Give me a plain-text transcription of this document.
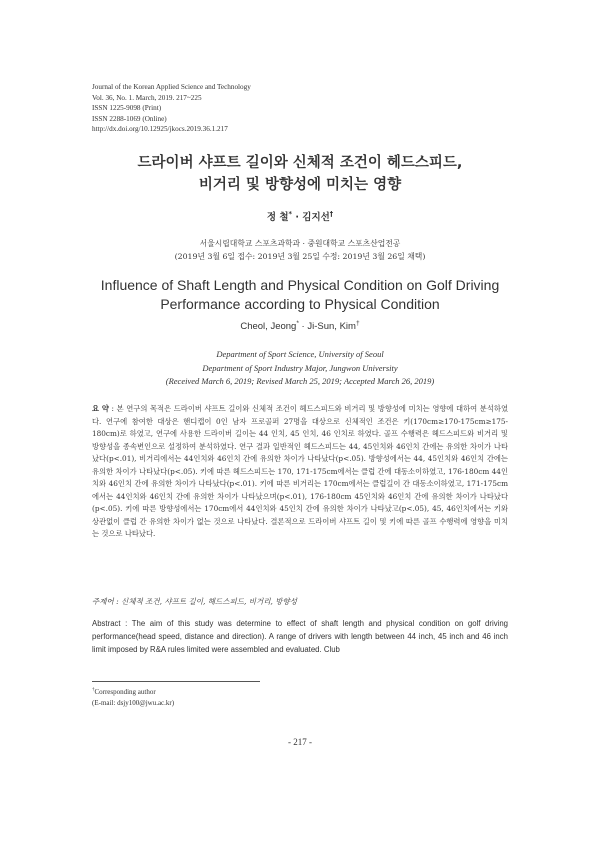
Journal of the Korean Applied Science and Technology
Vol. 36, No. 1. March, 2019. 217~225
ISSN 1225-9098 (Print)
ISSN 2288-1069 (Online)
http://dx.doi.org/10.12925/jkocs.2019.36.1.217
드라이버 샤프트 길이와 신체적 조건이 헤드스피드,
비거리 및 방향성에 미치는 영향
정 철* · 김지선†
서울시립대학교 스포츠과학과 · 중원대학교 스포츠산업전공
(2019년 3월 6일 접수: 2019년 3월 25일 수정: 2019년 3월 26일 채택)
Influence of Shaft Length and Physical Condition on Golf Driving
Performance according to Physical Condition
Cheol, Jeong* · Ji-Sun, Kim†
Department of Sport Science, University of Seoul
Department of Sport Industry Major, Jungwon University
(Received March 6, 2019; Revised March 25, 2019; Accepted March 26, 2019)
요 약 : 본 연구의 목적은 드라이버 샤프트 길이와 신체적 조건이 헤드스피드와 비거리 및 방향성에 미치는 영향에 대하여 분석하였다. 연구에 참여한 대상은 핸디캡이 0인 남자 프로골퍼 27명을 대상으로 신체적인 조건은 키(170cm≥170-175cm≥175-180cm)로 하였고, 연구에 사용한 드라이버 길이는 44 인치, 45 인치, 46 인치로 하였다. 골프 수행력은 헤드스피드와 비거리 및 방향성을 종속변인으로 설정하여 분석하였다. 연구 결과 일반적인 헤드스피드는 44, 45인치와 46인치 간에는 유의한 차이가 나타났다(p<.01), 비거리에서는 44인치와 46인치 간에 유의한 차이가 나타났다(p<.05). 방향성에서는 44, 45인치와 46인치 간에는 유의한 차이가 나타났다(p<.05). 키에 따른 헤드스피드는 170, 171-175cm에서는 클럽 간에 대동소이하였고, 176-180cm 44인치와 46인치 간에 유의한 차이가 나타났다(p<.01). 키에 따른 비거리는 170cm에서는 클럽길이 간 대동소이하였고, 171-175cm에서는 44인치와 46인치 간에 유의한 차이가 나타났으며(p<.01), 176-180cm 45인치와 46인치 간에 유의한 차이가 나타났다(p<.05). 키에 따른 방향성에서는 170cm에서 44인치와 45인치 간에 유의한 차이가 나타났고(p<.05), 45, 46인치에서는 키와 상관없이 클럽 간 유의한 차이가 없는 것으로 나타났다. 결론적으로 드라이버 샤프트 길이 및 키에 따른 골프 수행력에 영향을 미치는 것으로 나타났다.
주제어 : 신체적 조건, 샤프트 길이, 헤드스피드, 비거리, 방향성
Abstract : The aim of this study was determine to effect of shaft length and physical condition on golf driving performance(head speed, distance and direction). A range of drivers with length between 44 inch, 45 inch and 46 inch limit imposed by R&A rules limited were assembled and evaluated. Club
†Corresponding author
(E-mail: dsjy100@jwu.ac.kr)
- 217 -
